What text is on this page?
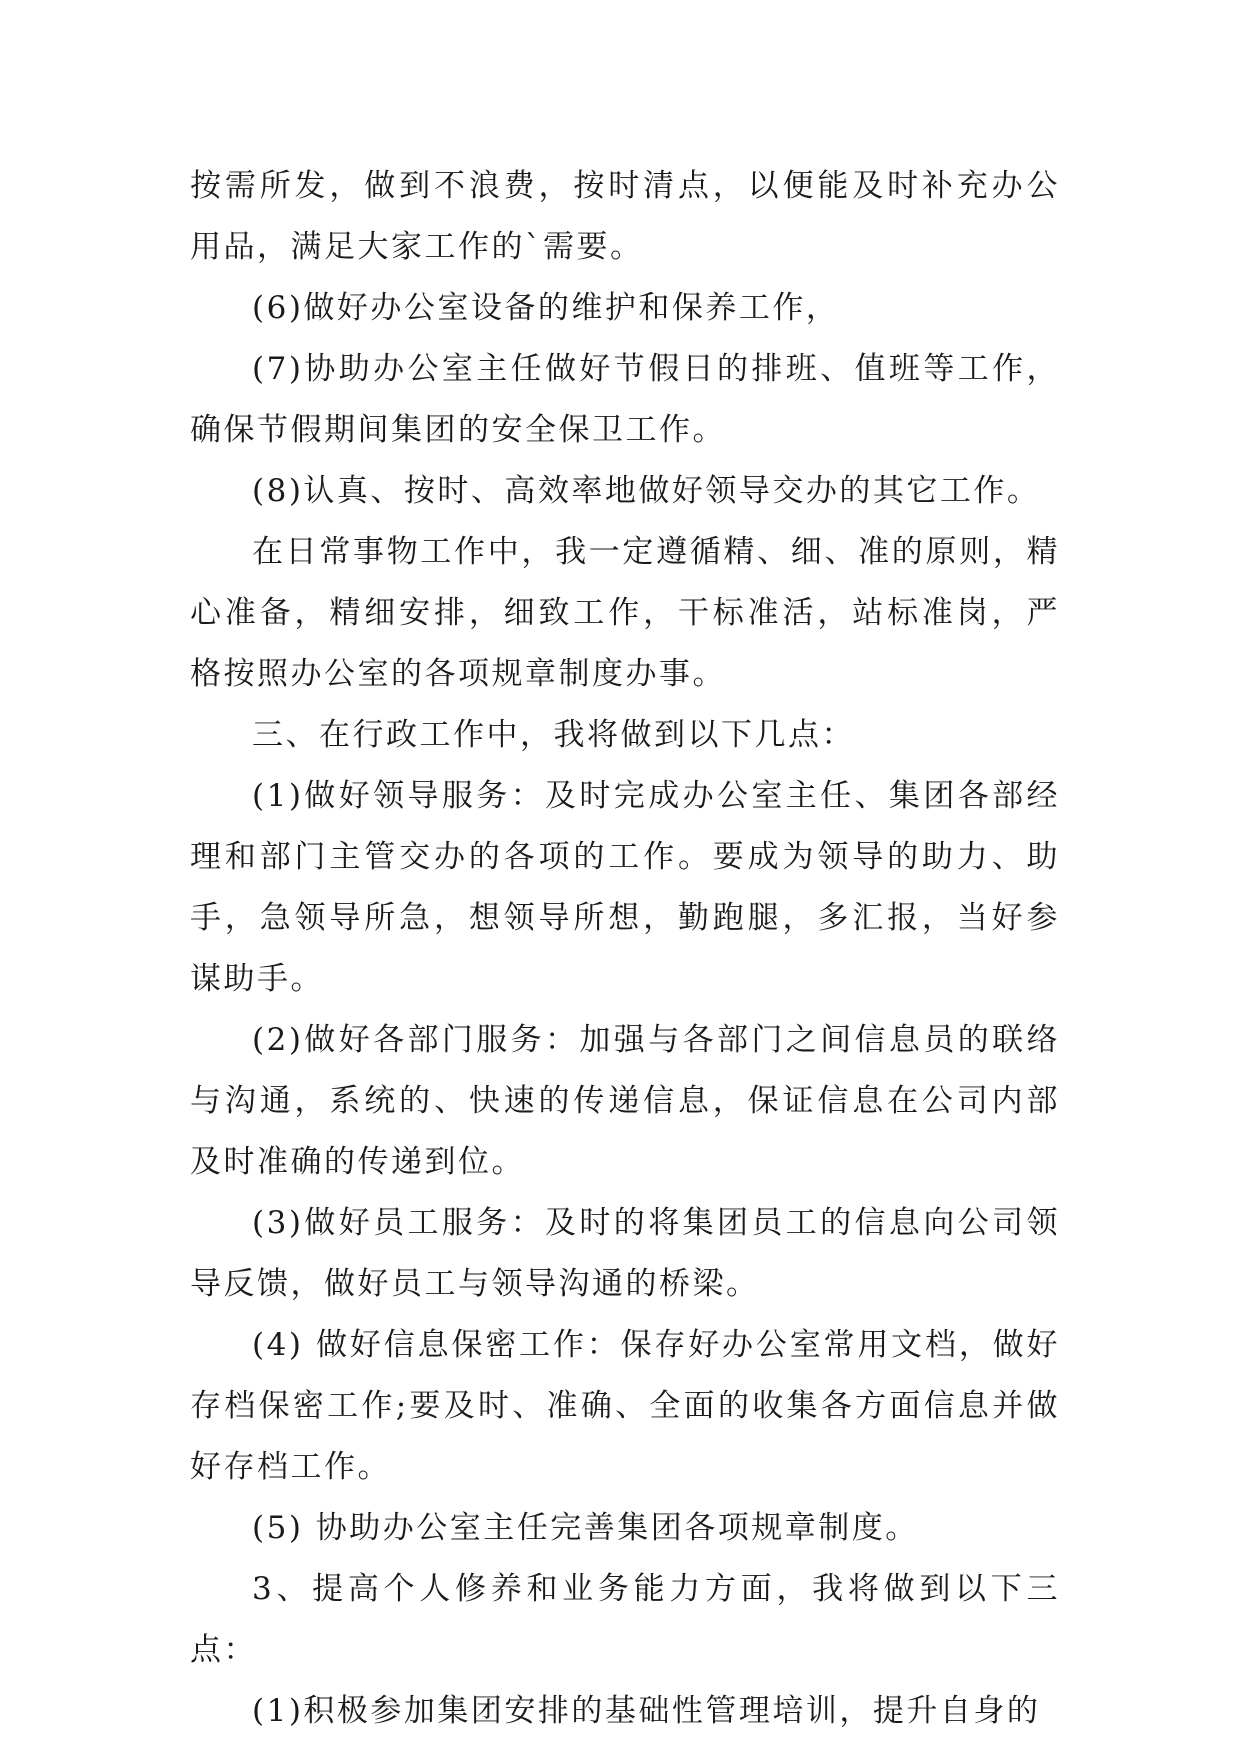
按需所发，做到不浪费，按时清点，以便能及时补充办公用品，满足大家工作的`需要。

(6)做好办公室设备的维护和保养工作，

(7)协助办公室主任做好节假日的排班、值班等工作，确保节假期间集团的安全保卫工作。

(8)认真、按时、高效率地做好领导交办的其它工作。

在日常事物工作中，我一定遵循精、细、准的原则，精心准备，精细安排，细致工作，干标准活，站标准岗，严格按照办公室的各项规章制度办事。

三、在行政工作中，我将做到以下几点：

(1)做好领导服务：及时完成办公室主任、集团各部经理和部门主管交办的各项的工作。要成为领导的助力、助手，急领导所急，想领导所想，勤跑腿，多汇报，当好参谋助手。

(2)做好各部门服务：加强与各部门之间信息员的联络与沟通，系统的、快速的传递信息，保证信息在公司内部及时准确的传递到位。

(3)做好员工服务：及时的将集团员工的信息向公司领导反馈，做好员工与领导沟通的桥梁。

(4) 做好信息保密工作：保存好办公室常用文档，做好存档保密工作;要及时、准确、全面的收集各方面信息并做好存档工作。

(5) 协助办公室主任完善集团各项规章制度。

3、提高个人修养和业务能力方面，我将做到以下三点：

(1)积极参加集团安排的基础性管理培训，提升自身的
